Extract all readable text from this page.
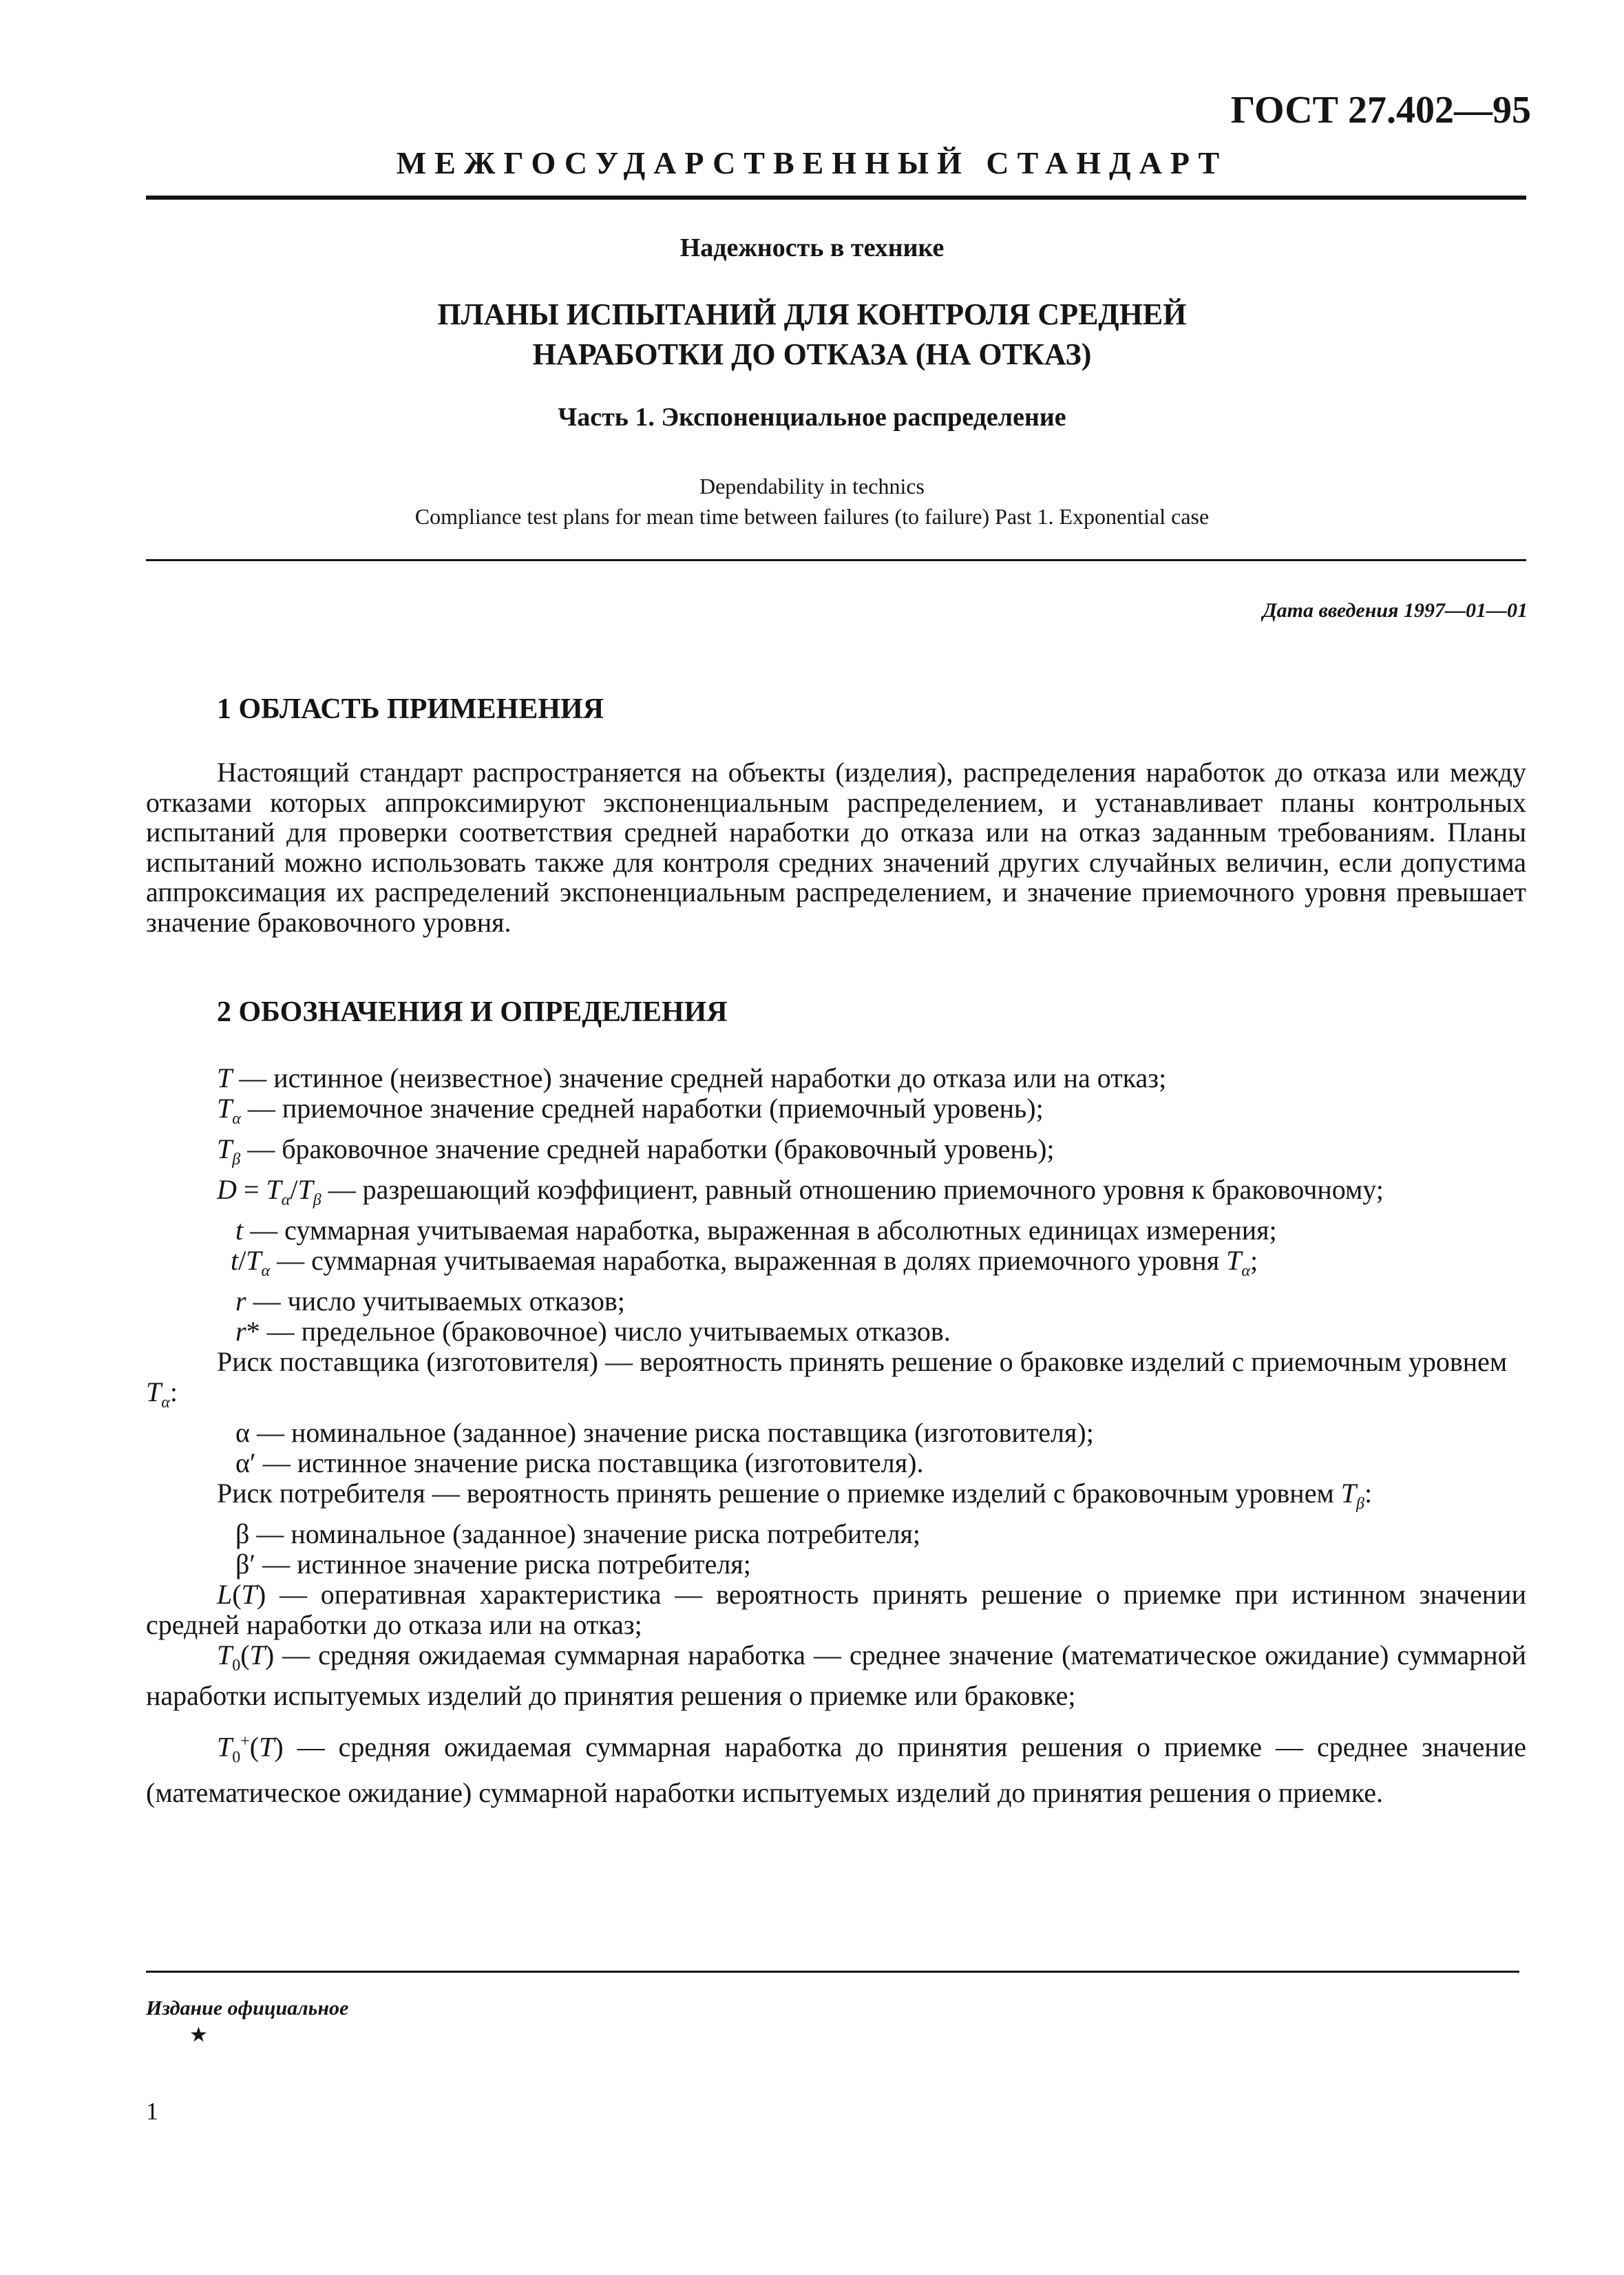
ГОСТ 27.402—95
МЕЖГОСУДАРСТВЕННЫЙ СТАНДАРТ
Надежность в технике
ПЛАНЫ ИСПЫТАНИЙ ДЛЯ КОНТРОЛЯ СРЕДНЕЙ
НАРАБОТКИ ДО ОТКАЗА (НА ОТКАЗ)
Часть 1. Экспоненциальное распределение
Dependability in technics
Compliance test plans for mean time between failures (to failure) Past 1. Exponential case
Дата введения 1997—01—01
1 ОБЛАСТЬ ПРИМЕНЕНИЯ

Настоящий стандарт распространяется на объекты (изделия), распределения наработок до отказа или между отказами которых аппроксимируют экспоненциальным распределением, и устанавливает планы контрольных испытаний для проверки соответствия средней наработки до отказа или на отказ заданным требованиям. Планы испытаний можно использовать также для контроля средних значений других случайных величин, если допустима аппроксимация их распределений экспоненциальным распределением, и значение приемочного уровня превышает значение браковочного уровня.

2 ОБОЗНАЧЕНИЯ И ОПРЕДЕЛЕНИЯ

T — истинное (неизвестное) значение средней наработки до отказа или на отказ;

$T_\alpha$ — приемочное значение средней наработки (приемочный уровень);

$T_\beta$ — браковочное значение средней наработки (браковочный уровень);

$D = T_\alpha/T_\beta$ — разрешающий коэффициент, равный отношению приемочного уровня к браковочному;

t — суммарная учитываемая наработка, выраженная в абсолютных единицах измерения;

$t/T_\alpha$ — суммарная учитываемая наработка, выраженная в долях приемочного уровня $T_\alpha$;

r — число учитываемых отказов;

r* — предельное (браковочное) число учитываемых отказов.

Риск поставщика (изготовителя) — вероятность принять решение о браковке изделий с приемочным уровнем $T_\alpha$:

α — номинальное (заданное) значение риска поставщика (изготовителя);

α′ — истинное значение риска поставщика (изготовителя).

Риск потребителя — вероятность принять решение о приемке изделий с браковочным уровнем $T_\beta$:

β — номинальное (заданное) значение риска потребителя;

β′ — истинное значение риска потребителя;

L(T) — оперативная характеристика — вероятность принять решение о приемке при истинном значении средней наработки до отказа или на отказ;

$T_0(T)$ — средняя ожидаемая суммарная наработка — среднее значение (математическое ожидание) суммарной наработки испытуемых изделий до принятия решения о приемке или браковке;

$T_0^+(T)$ — средняя ожидаемая суммарная наработка до принятия решения о приемке — среднее значение (математическое ожидание) суммарной наработки испытуемых изделий до принятия решения о приемке.

Издание официальное
★
1
